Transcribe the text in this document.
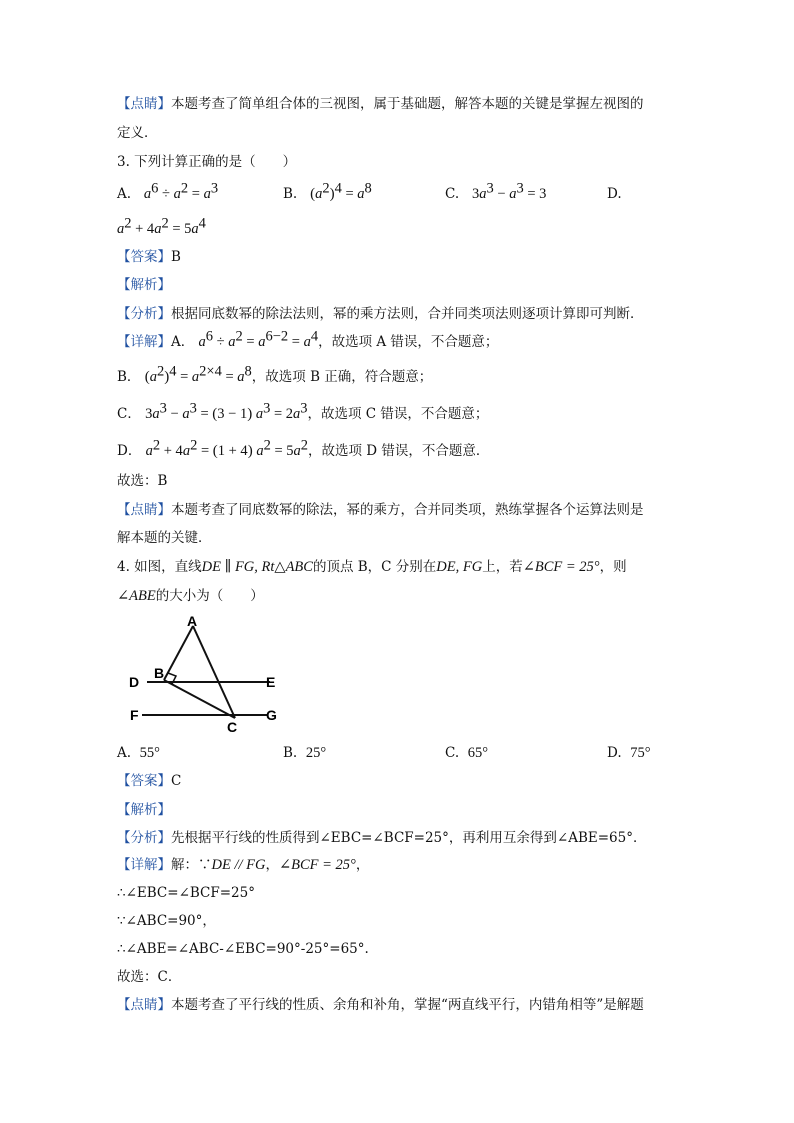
【点睛】本题考查了简单组合体的三视图，属于基础题，解答本题的关键是掌握左视图的
定义．
3. 下列计算正确的是（　　）
A. $a^6 \div a^2 = a^3$	B. $(a^2)^4 = a^8$	C. $3a^3 - a^3 = 3$	D.
$a^2 + 4a^2 = 5a^4$
【答案】B
【解析】
【分析】根据同底数幂的除法法则，幂的乘方法则，合并同类项法则逐项计算即可判断．
【详解】A． $a^6 \div a^2 = a^{6-2} = a^4$，故选项 A 错误，不合题意；
B． $(a^2)^4 = a^{2\times 4} = a^8$，故选项 B 正确，符合题意；
C． $3a^3 - a^3 = (3 - 1) a^3 = 2a^3$，故选项 C 错误，不合题意；
D． $a^2 + 4a^2 = (1 + 4) a^2 = 5a^2$，故选项 D 错误，不合题意．
故选：B
【点睛】本题考查了同底数幂的除法，幂的乘方，合并同类项，熟练掌握各个运算法则是
解本题的关键．
4. 如图，直线DE ∥ FG, Rt△ABC的顶点 B，C 分别在DE, FG上，若∠BCF = 25°，则
∠ABE的大小为（　　）
A
B
C
D	E
F	G
A. 55°	B. 25°	C. 65°	D. 75°
【答案】C
【解析】
【分析】先根据平行线的性质得到∠EBC=∠BCF=25°，再利用互余得到∠ABE=65°．
【详解】解：∵DE // FG，∠BCF = 25°，
∴∠EBC=∠BCF=25°
∵∠ABC=90°，
∴∠ABE=∠ABC-∠EBC=90°-25°=65°.
故选：C．
【点睛】本题考查了平行线的性质、余角和补角，掌握“两直线平行，内错角相等”是解题
